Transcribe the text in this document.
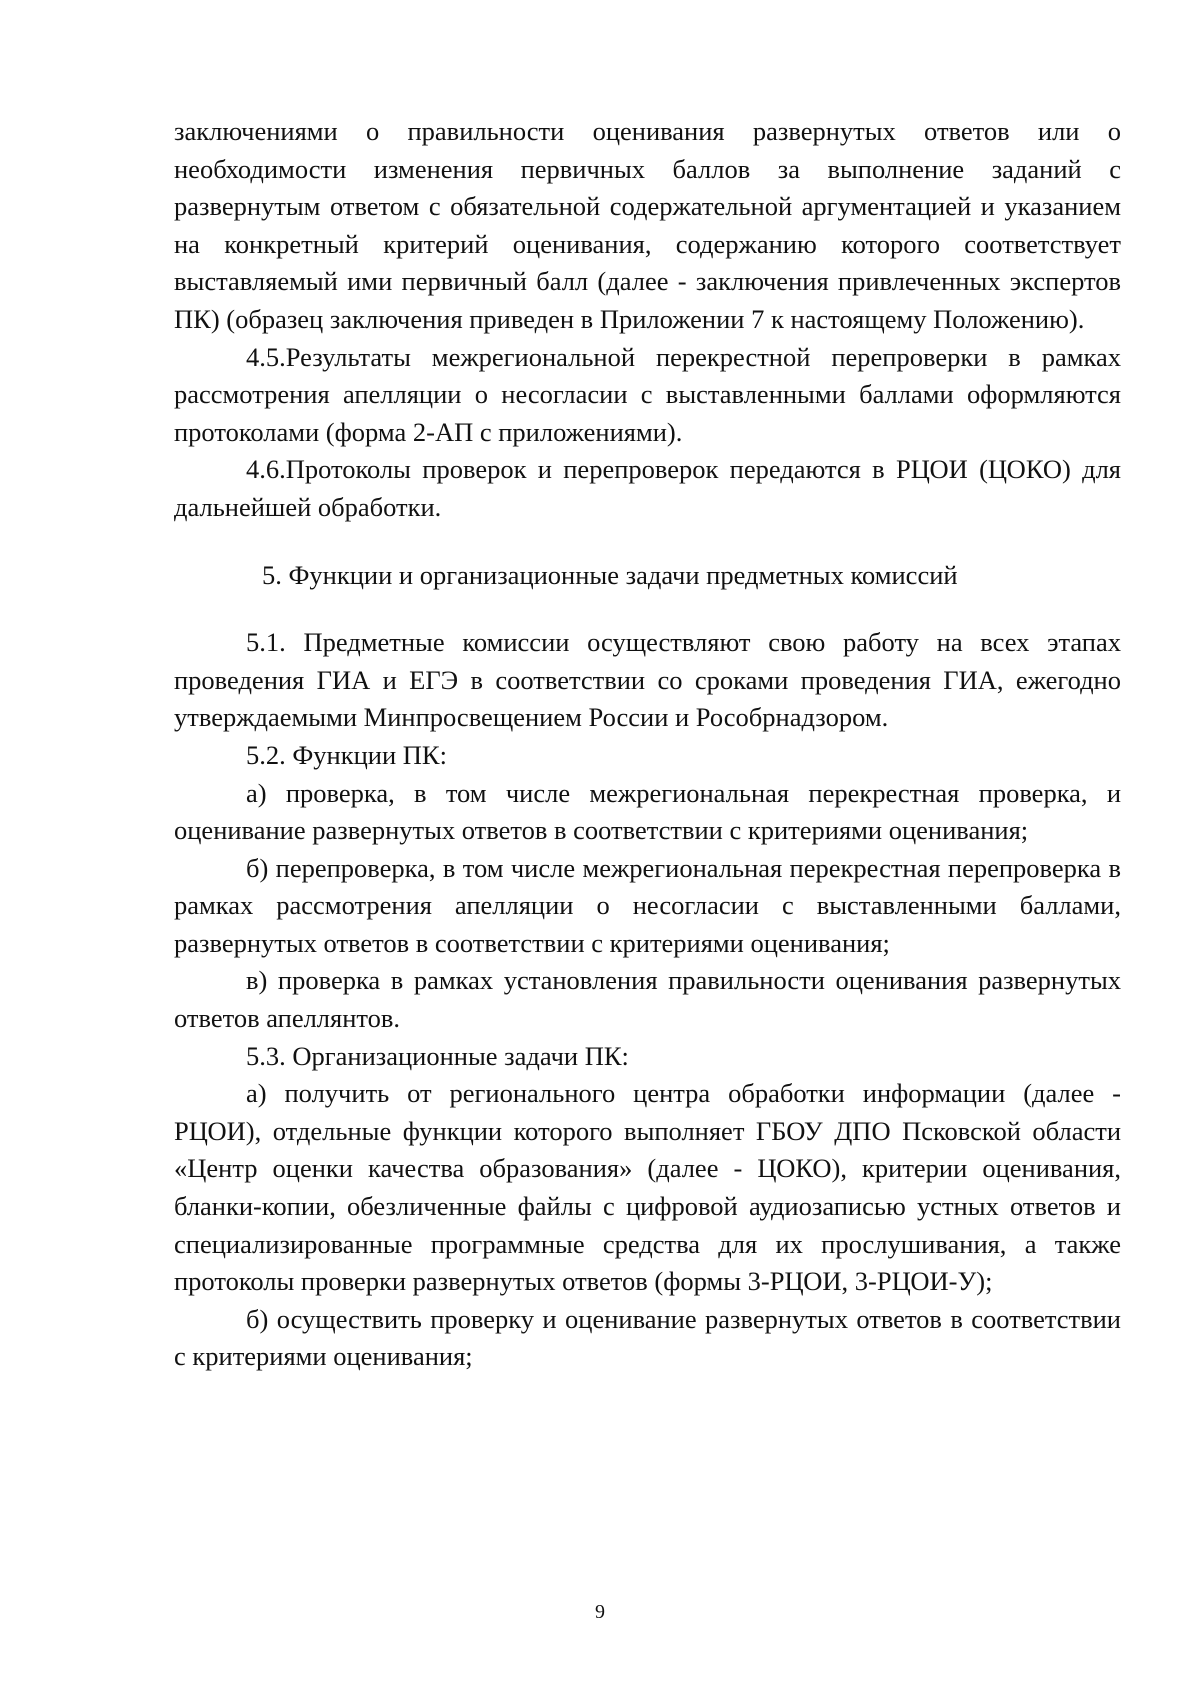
заключениями о правильности оценивания развернутых ответов или о необходимости изменения первичных баллов за выполнение заданий с развернутым ответом с обязательной содержательной аргументацией и указанием на конкретный критерий оценивания, содержанию которого соответствует выставляемый ими первичный балл (далее - заключения привлеченных экспертов ПК) (образец заключения приведен в Приложении 7 к настоящему Положению).

4.5.Результаты межрегиональной перекрестной перепроверки в рамках рассмотрения апелляции о несогласии с выставленными баллами оформляются протоколами (форма 2-АП с приложениями).

4.6.Протоколы проверок и перепроверок передаются в РЦОИ (ЦОКО) для дальнейшей обработки.

5. Функции и организационные задачи предметных комиссий

5.1. Предметные комиссии осуществляют свою работу на всех этапах проведения ГИА и ЕГЭ в соответствии со сроками проведения ГИА, ежегодно утверждаемыми Минпросвещением России и Рособрнадзором.

5.2. Функции ПК:

а) проверка, в том числе межрегиональная перекрестная проверка, и оценивание развернутых ответов в соответствии с критериями оценивания;

б) перепроверка, в том числе межрегиональная перекрестная перепроверка в рамках рассмотрения апелляции о несогласии с выставленными баллами, развернутых ответов в соответствии с критериями оценивания;

в) проверка в рамках установления правильности оценивания развернутых ответов апеллянтов.

5.3. Организационные задачи ПК:

а) получить от регионального центра обработки информации (далее - РЦОИ), отдельные функции которого выполняет ГБОУ ДПО Псковской области «Центр оценки качества образования» (далее - ЦОКО), критерии оценивания, бланки-копии, обезличенные файлы с цифровой аудиозаписью устных ответов и специализированные программные средства для их прослушивания, а также протоколы проверки развернутых ответов (формы 3-РЦОИ, 3-РЦОИ-У);

б) осуществить проверку и оценивание развернутых ответов в соответствии с критериями оценивания;

9
